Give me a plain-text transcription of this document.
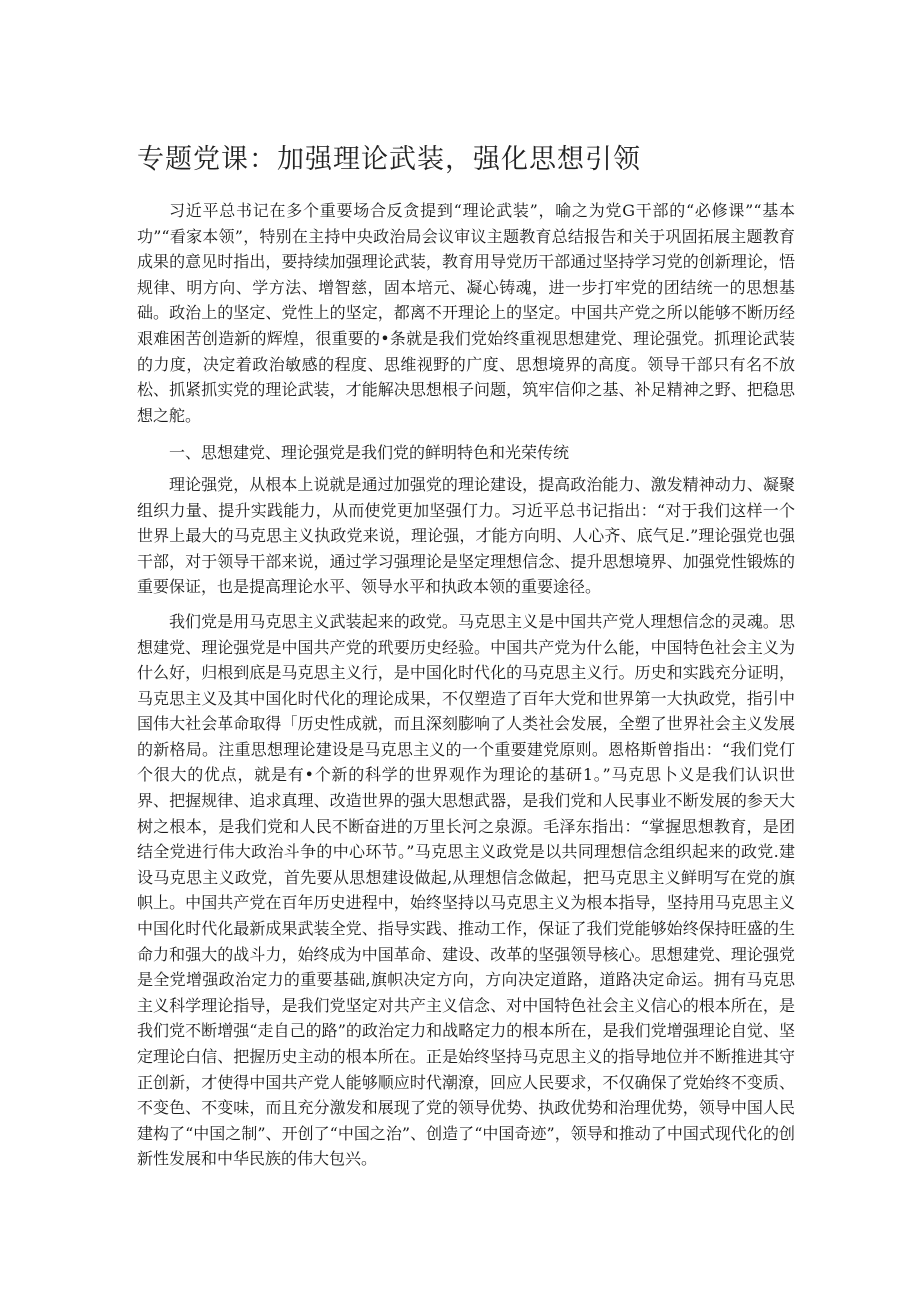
专题党课：加强理论武装，强化思想引领

习近平总书记在多个重要场合反贪提到“理论武装”，喻之为党G干部的“必修课”“基本功”“看家本领”，特别在主持中央政治局会议审议主题教育总结报告和关于巩固拓展主题教育成果的意见时指出，要持续加强理论武装，教育用导党历干部通过坚持学习党的创新理论，悟规律、明方向、学方法、增智慈，固本培元、凝心铸魂，进一步打牢党的团结统一的思想基础。政治上的坚定、党性上的坚定，都离不开理论上的坚定。中国共产党之所以能够不断历经艰难困苦创造新的辉煌，很重要的•条就是我们党始终重视思想建党、理论强党。抓理论武装的力度，决定着政治敏感的程度、思维视野的广度、思想境界的高度。领导干部只有名不放松、抓紧抓实党的理论武装，才能解决思想根子问题，筑牢信仰之基、补足精神之野、把稳思想之舵。

一、思想建党、理论强党是我们党的鲜明特色和光荣传统

理论强党，从根本上说就是通过加强党的理论建设，提高政治能力、激发精神动力、凝聚组织力量、提升实践能力，从而使党更加坚强仃力。习近平总书记指出：“对于我们这样一个世界上最大的马克思主义执政党来说，理论强，才能方向明、人心齐、底气足.”理论强党也强干部，对于领导干部来说，通过学习强理论是坚定理想信念、提升思想境界、加强党性锻炼的重要保证，也是提高理论水平、领导水平和执政本领的重要途径。

我们党是用马克思主义武装起来的政党。马克思主义是中国共产党人理想信念的灵魂。思想建党、理论强党是中国共产党的玳要历史经验。中国共产党为什么能，中国特色社会主义为什么好，归根到底是马克思主义行，是中国化时代化的马克思主义行。历史和实践充分证明，马克思主义及其中国化时代化的理论成果，不仅塑造了百年大党和世界第一大执政党，指引中国伟大社会革命取得「历史性成就，而且深刻膨响了人类社会发展，全塑了世界社会主义发展的新格局。注重思想理论建设是马克思主义的一个重要建党原则。恩格斯曾指出：“我们党仃个很大的优点，就是有•个新的科学的世界观作为理论的基研1。”马克思卜义是我们认识世界、把握规律、追求真理、改造世界的强大思想武器，是我们党和人民事业不断发展的参天大树之根本，是我们党和人民不断奋进的万里长河之泉源。毛泽东指出：“掌握思想教育，是团结全党进行伟大政治斗争的中心环节。”马克思主义政党是以共同理想信念组织起来的政党.建设马克思主义政党，首先要从思想建设做起,从理想信念做起，把马克思主义鲜明写在党的旗帜上。中国共产党在百年历史进程中，始终坚持以马克思主义为根本指导，坚持用马克思主义中国化时代化最新成果武装全党、指导实践、推动工作，保证了我们党能够始终保持旺盛的生命力和强大的战斗力，始终成为中国革命、建设、改革的坚强领导核心。思想建党、理论强党是全党增强政治定力的重要基础,旗帜决定方向，方向决定道路，道路决定命运。拥有马克思主义科学理论指导，是我们党坚定对共产主义信念、对中国特色社会主义信心的根本所在，是我们党不断增强“走自己的路”的政治定力和战略定力的根本所在，是我们党增强理论自觉、坚定理论白信、把握历史主动的根本所在。正是始终坚持马克思主义的指导地位并不断推进其守正创新，才使得中国共产党人能够顺应时代潮潦，回应人民要求，不仅确保了党始终不变质、不变色、不变味，而且充分激发和展现了党的领导优势、执政优势和治理优势，领导中国人民建构了“中国之制”、开创了“中国之治”、创造了“中国奇迹”，领导和推动了中国式现代化的创新性发展和中华民族的伟大包兴。
